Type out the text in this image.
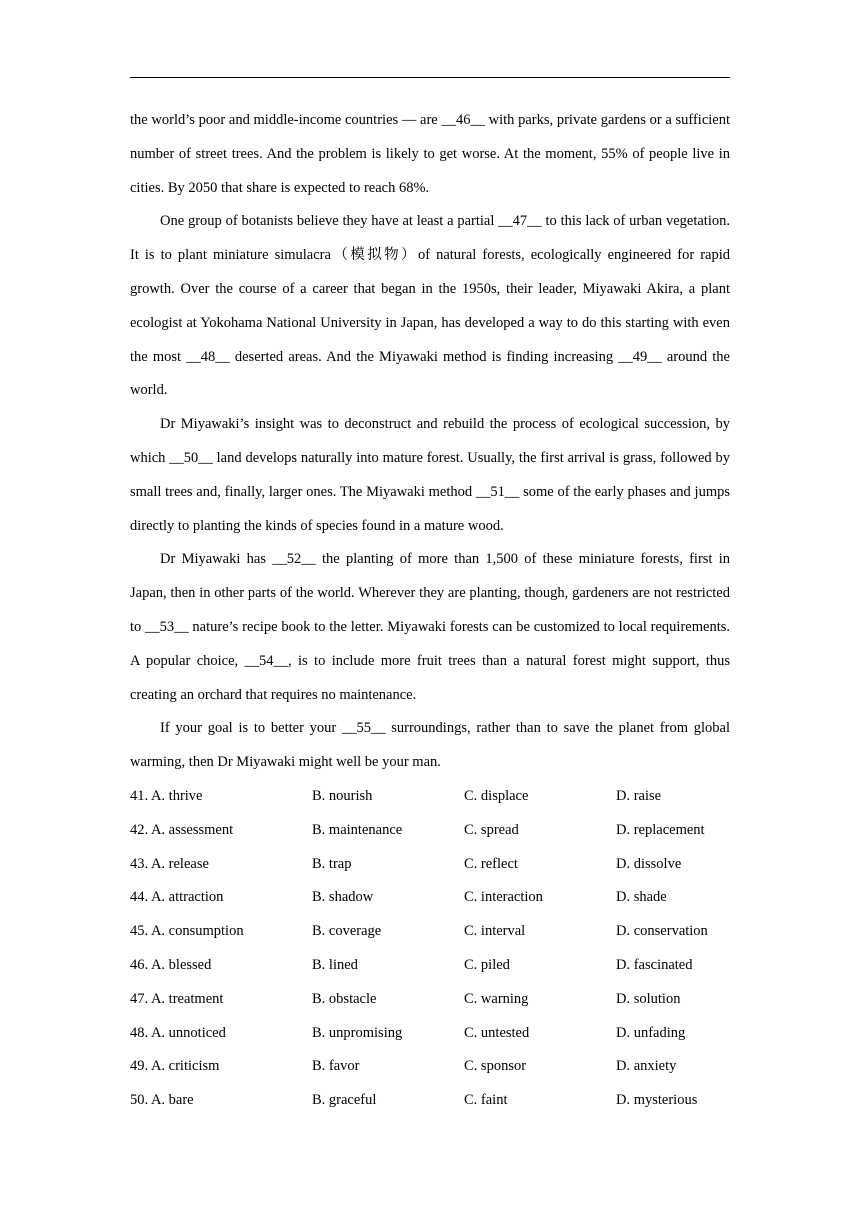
the world’s poor and middle-income countries — are __46__ with parks, private gardens or a sufficient number of street trees. And the problem is likely to get worse. At the moment, 55% of people live in cities. By 2050 that share is expected to reach 68%.

One group of botanists believe they have at least a partial __47__ to this lack of urban vegetation. It is to plant miniature simulacra（模拟物）of natural forests, ecologically engineered for rapid growth. Over the course of a career that began in the 1950s, their leader, Miyawaki Akira, a plant ecologist at Yokohama National University in Japan, has developed a way to do this starting with even the most __48__ deserted areas. And the Miyawaki method is finding increasing __49__ around the world.

Dr Miyawaki’s insight was to deconstruct and rebuild the process of ecological succession, by which __50__ land develops naturally into mature forest. Usually, the first arrival is grass, followed by small trees and, finally, larger ones. The Miyawaki method __51__ some of the early phases and jumps directly to planting the kinds of species found in a mature wood.

Dr Miyawaki has __52__ the planting of more than 1,500 of these miniature forests, first in Japan, then in other parts of the world. Wherever they are planting, though, gardeners are not restricted to __53__ nature’s recipe book to the letter. Miyawaki forests can be customized to local requirements. A popular choice, __54__, is to include more fruit trees than a natural forest might support, thus creating an orchard that requires no maintenance.

If your goal is to better your __55__ surroundings, rather than to save the planet from global warming, then Dr Miyawaki might well be your man.

41. A. thrive	B. nourish	C. displace	D. raise
42. A. assessment	B. maintenance	C. spread	D. replacement
43. A. release	B. trap	C. reflect	D. dissolve
44. A. attraction	B. shadow	C. interaction	D. shade
45. A. consumption	B. coverage	C. interval	D. conservation
46. A. blessed	B. lined	C. piled	D. fascinated
47. A. treatment	B. obstacle	C. warning	D. solution
48. A. unnoticed	B. unpromising	C. untested	D. unfading
49. A. criticism	B. favor	C. sponsor	D. anxiety
50. A. bare	B. graceful	C. faint	D. mysterious
